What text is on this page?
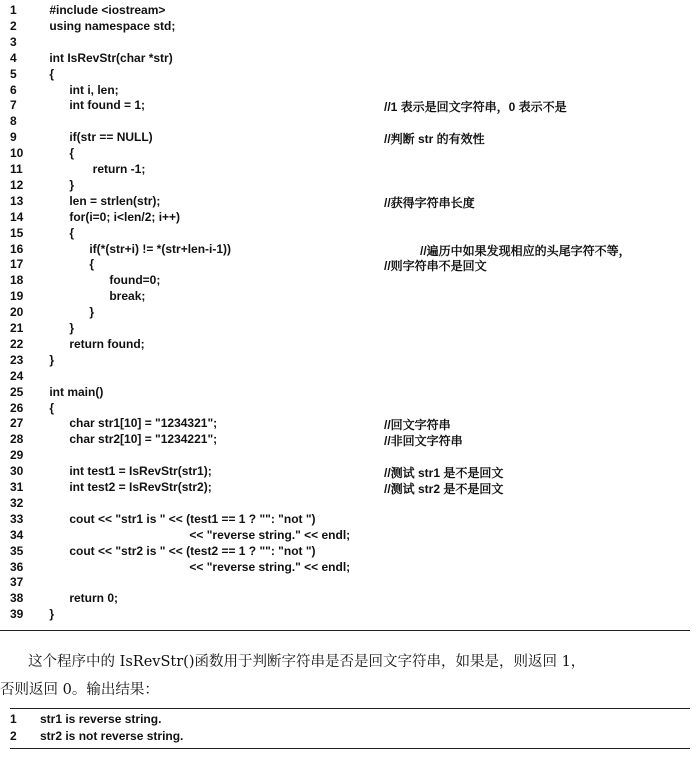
1	#include <iostream>
2	using namespace std;
3
4	int IsRevStr(char *str)
5	{
6	int i, len;
7	int found = 1;	//1 表示是回文字符串，0 表示不是
8
9	if(str == NULL)	//判断 str 的有效性
10	{
11	return -1;
12	}
13	len = strlen(str);	//获得字符串长度
14	for(i=0; i<len/2; i++)
15	{
16	if(*(str+i) != *(str+len-i-1))	//遍历中如果发现相应的头尾字符不等，
17	{	//则字符串不是回文
18	found=0;
19	break;
20	}
21	}
22	return found;
23	}
24
25	int main()
26	{
27	char str1[10] = "1234321";	//回文字符串
28	char str2[10] = "1234221";	//非回文字符串
29
30	int test1 = IsRevStr(str1);	//测试 str1 是不是回文
31	int test2 = IsRevStr(str2);	//测试 str2 是不是回文
32
33	cout << "str1 is " << (test1 == 1 ? "": "not ")
34	<< "reverse string." << endl;
35	cout << "str2 is " << (test2 == 1 ? "": "not ")
36	<< "reverse string." << endl;
37
38	return 0;
39	}
这个程序中的 IsRevStr()函数用于判断字符串是否是回文字符串，如果是，则返回 1，
否则返回 0。输出结果：
1	str1 is reverse string.
2	str2 is not reverse string.
